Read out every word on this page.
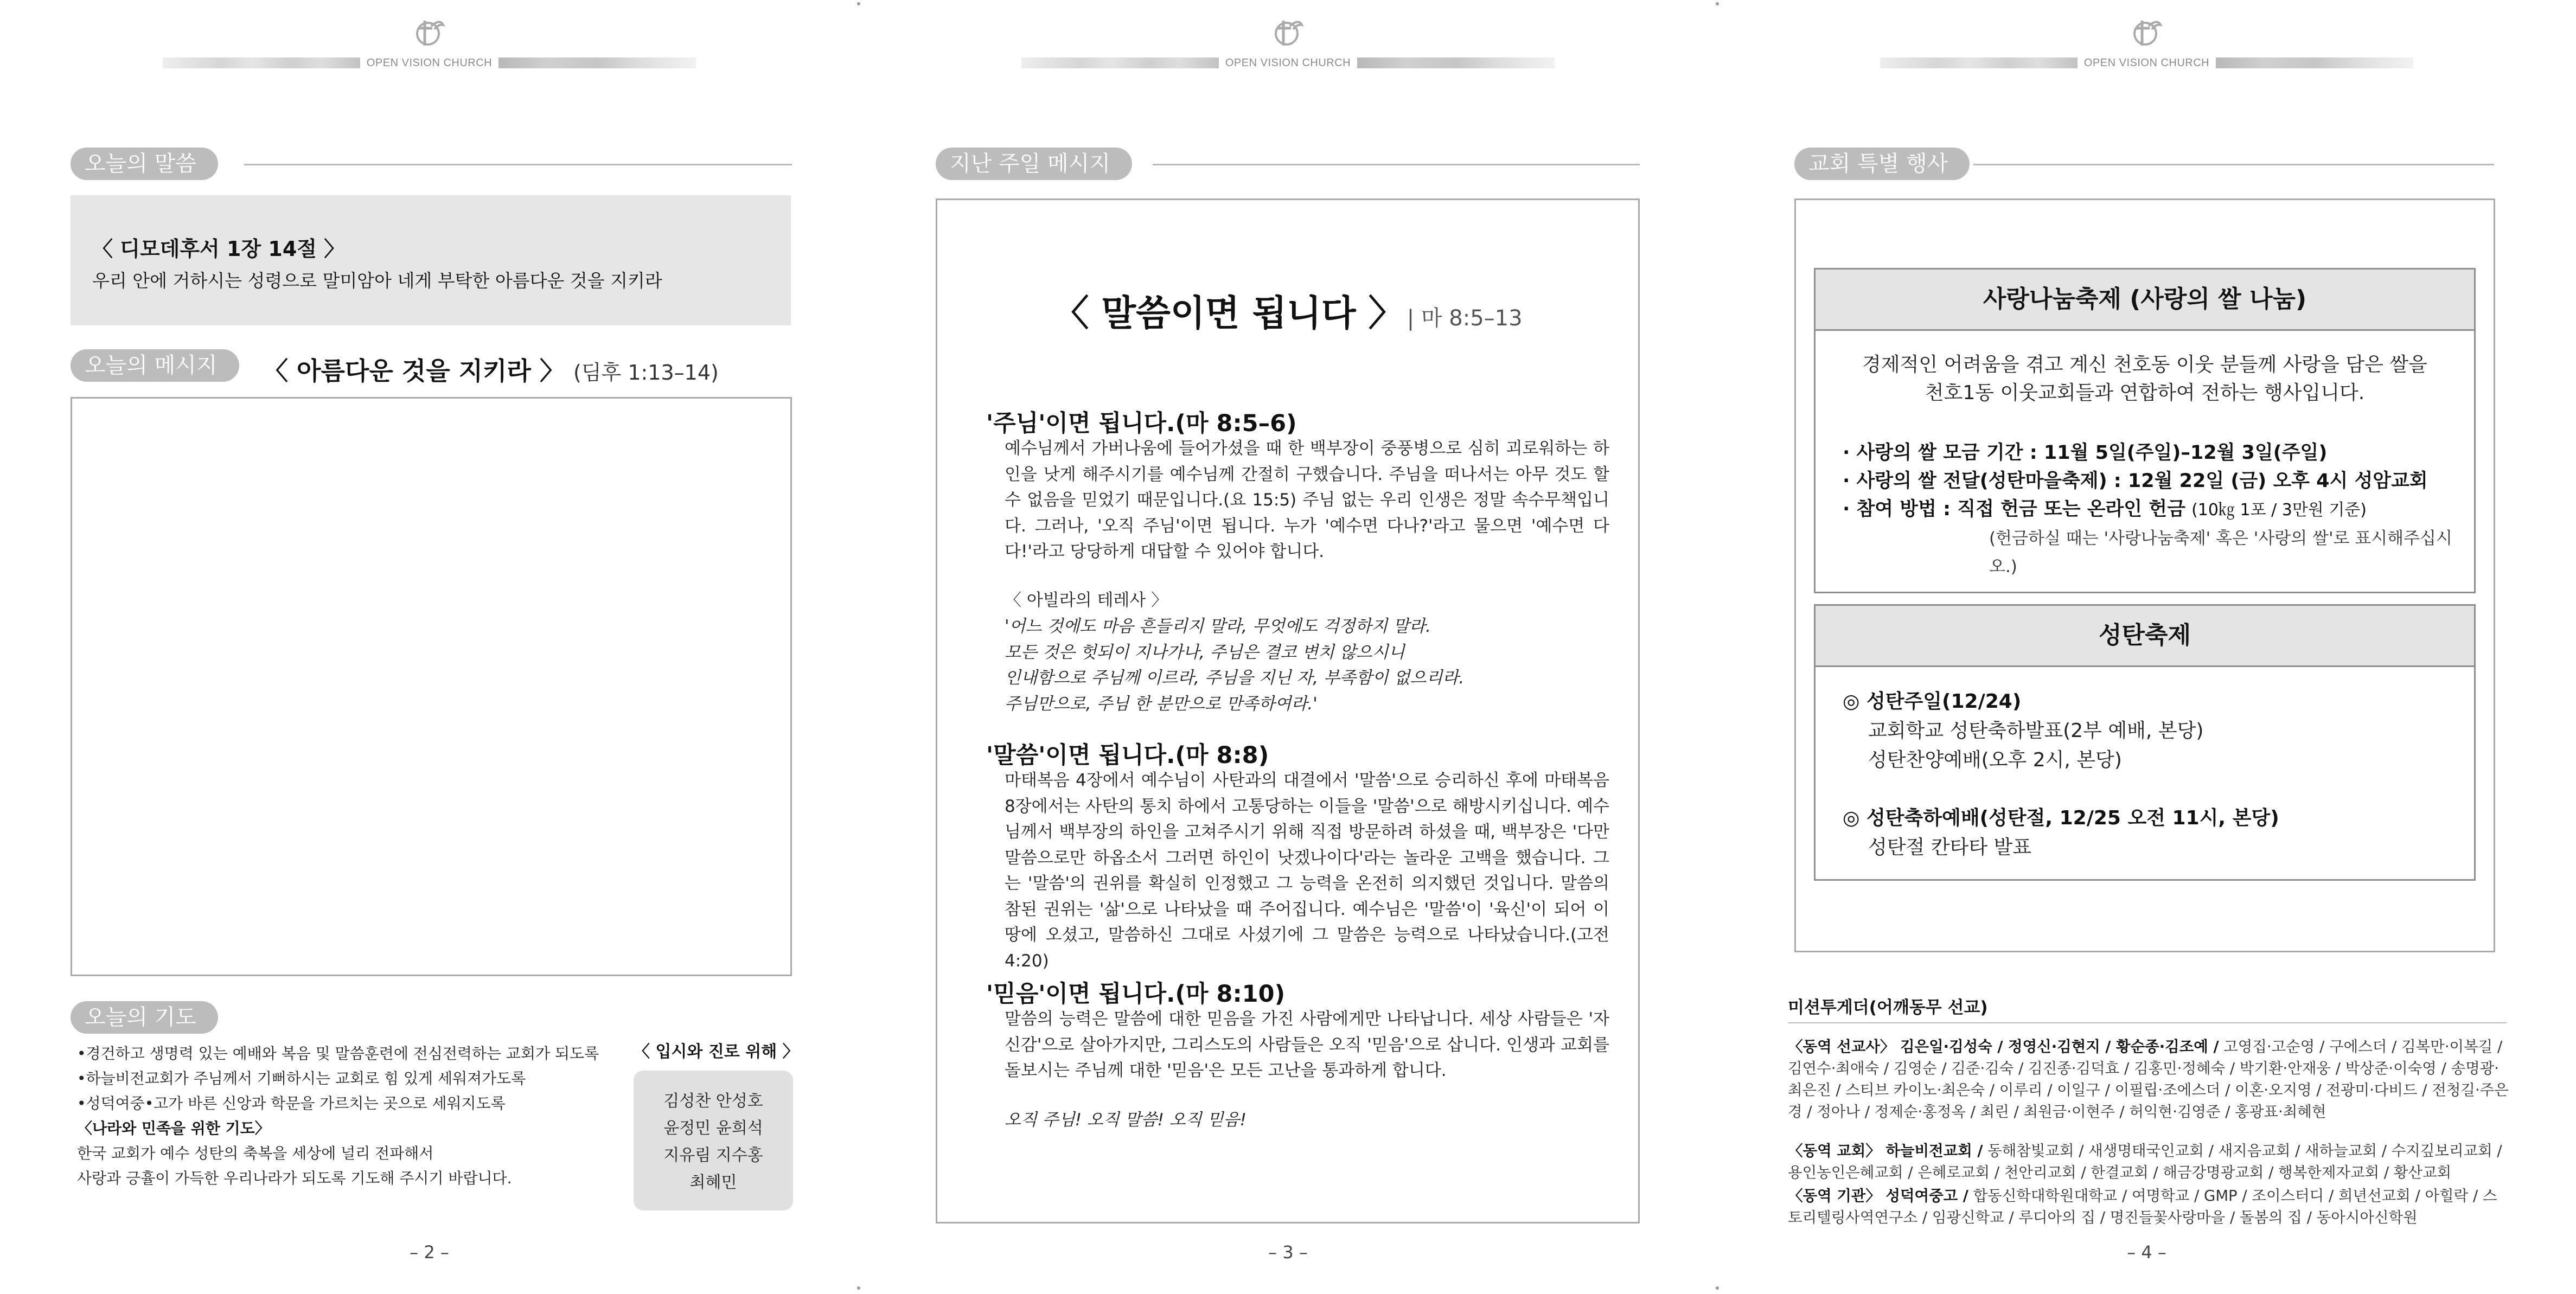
OPEN VISION CHURCH
오늘의 말씀
〈 디모데후서 1장 14절 〉
우리 안에 거하시는 성령으로 말미암아 네게 부탁한 아름다운 것을 지키라
오늘의 메시지	〈 아름다운 것을 지키라 〉 (딤후 1:13–14)
오늘의 기도
•경건하고 생명력 있는 예배와 복음 및 말씀훈련에 전심전력하는 교회가 되도록
•하늘비전교회가 주님께서 기뻐하시는 교회로 힘 있게 세워져가도록
•성덕여중•고가 바른 신앙과 학문을 가르치는 곳으로 세워지도록
〈나라와 민족을 위한 기도〉
한국 교회가 예수 성탄의 축복을 세상에 널리 전파해서
사랑과 긍휼이 가득한 우리나라가 되도록 기도해 주시기 바랍니다.
〈 입시와 진로 위해 〉
김성찬 안성호
윤정민 윤희석
지유림 지수홍
최혜민
– 2 –
OPEN VISION CHURCH
지난 주일 메시지
〈 말씀이면 됩니다 〉 | 마 8:5–13
'주님'이면 됩니다.(마 8:5–6)
예수님께서 가버나움에 들어가셨을 때 한 백부장이 중풍병으로 심히 괴로워하는 하인을 낫게 해주시기를 예수님께 간절히 구했습니다. 주님을 떠나서는 아무 것도 할 수 없음을 믿었기 때문입니다.(요 15:5) 주님 없는 우리 인생은 정말 속수무책입니다. 그러나, '오직 주님'이면 됩니다. 누가 '예수면 다나?'라고 물으면 '예수면 다다!'라고 당당하게 대답할 수 있어야 합니다.
〈 아빌라의 테레사 〉
'어느 것에도 마음 흔들리지 말라, 무엇에도 걱정하지 말라.
모든 것은 헛되이 지나가나, 주님은 결코 변치 않으시니
인내함으로 주님께 이르라, 주님을 지닌 자, 부족함이 없으리라.
주님만으로, 주님 한 분만으로 만족하여라.'
'말씀'이면 됩니다.(마 8:8)
마태복음 4장에서 예수님이 사탄과의 대결에서 '말씀'으로 승리하신 후에 마태복음 8장에서는 사탄의 통치 하에서 고통당하는 이들을 '말씀'으로 해방시키십니다. 예수님께서 백부장의 하인을 고쳐주시기 위해 직접 방문하려 하셨을 때, 백부장은 '다만 말씀으로만 하옵소서 그러면 하인이 낫겠나이다'라는 놀라운 고백을 했습니다. 그는 '말씀'의 권위를 확실히 인정했고 그 능력을 온전히 의지했던 것입니다. 말씀의 참된 권위는 '삶'으로 나타났을 때 주어집니다. 예수님은 '말씀'이 '육신'이 되어 이 땅에 오셨고, 말씀하신 그대로 사셨기에 그 말씀은 능력으로 나타났습니다.(고전 4:20)
'믿음'이면 됩니다.(마 8:10)
말씀의 능력은 말씀에 대한 믿음을 가진 사람에게만 나타납니다. 세상 사람들은 '자신감'으로 살아가지만, 그리스도의 사람들은 오직 '믿음'으로 삽니다. 인생과 교회를 돌보시는 주님께 대한 '믿음'은 모든 고난을 통과하게 합니다.
오직 주님! 오직 말씀! 오직 믿음!
– 3 –
OPEN VISION CHURCH
교회 특별 행사
사랑나눔축제 (사랑의 쌀 나눔)
경제적인 어려움을 겪고 계신 천호동 이웃 분들께 사랑을 담은 쌀을
천호1동 이웃교회들과 연합하여 전하는 행사입니다.
· 사랑의 쌀 모금 기간 : 11월 5일(주일)–12월 3일(주일)
· 사랑의 쌀 전달(성탄마을축제) : 12월 22일 (금) 오후 4시 성암교회
· 참여 방법 : 직접 헌금 또는 온라인 헌금 (10㎏ 1포 / 3만원 기준)
(헌금하실 때는 '사랑나눔축제' 혹은 '사랑의 쌀'로 표시해주십시오.)
성탄축제
◎ 성탄주일(12/24)
교회학교 성탄축하발표(2부 예배, 본당)
성탄찬양예배(오후 2시, 본당)
◎ 성탄축하예배(성탄절, 12/25 오전 11시, 본당)
성탄절 칸타타 발표
미션투게더(어깨동무 선교)
〈동역 선교사〉 김은일·김성숙 / 정영신·김현지 / 황순종·김조예 / 고영집·고순영 / 구에스더 / 김복만·이복길 / 김연수·최애숙 / 김영순 / 김준·김숙 / 김진종·김덕효 / 김홍민·정혜숙 / 박기환·안재웅 / 박상준·이숙영 / 송명광·최은진 / 스티브 카이노·최은숙 / 이루리 / 이일구 / 이필립·조에스더 / 이혼·오지영 / 전광미·다비드 / 전청길·주은경 / 정아나 / 정제순·홍정옥 / 최린 / 최원금·이현주 / 허익현·김영준 / 홍광표·최혜현
〈동역 교회〉 하늘비전교회 / 동해참빛교회 / 새생명태국인교회 / 새지음교회 / 새하늘교회 / 수지깊보리교회 / 용인농인은혜교회 / 은혜로교회 / 천안리교회 / 한결교회 / 해금강명광교회 / 행복한제자교회 / 황산교회
〈동역 기관〉 성덕여중고 / 합동신학대학원대학교 / 여명학교 / GMP / 조이스터디 / 희년선교회 / 아힐락 / 스토리텔링사역연구소 / 임광신학교 / 루디아의 집 / 명진들꽃사랑마을 / 돌봄의 집 / 동아시아신학원
– 4 –
